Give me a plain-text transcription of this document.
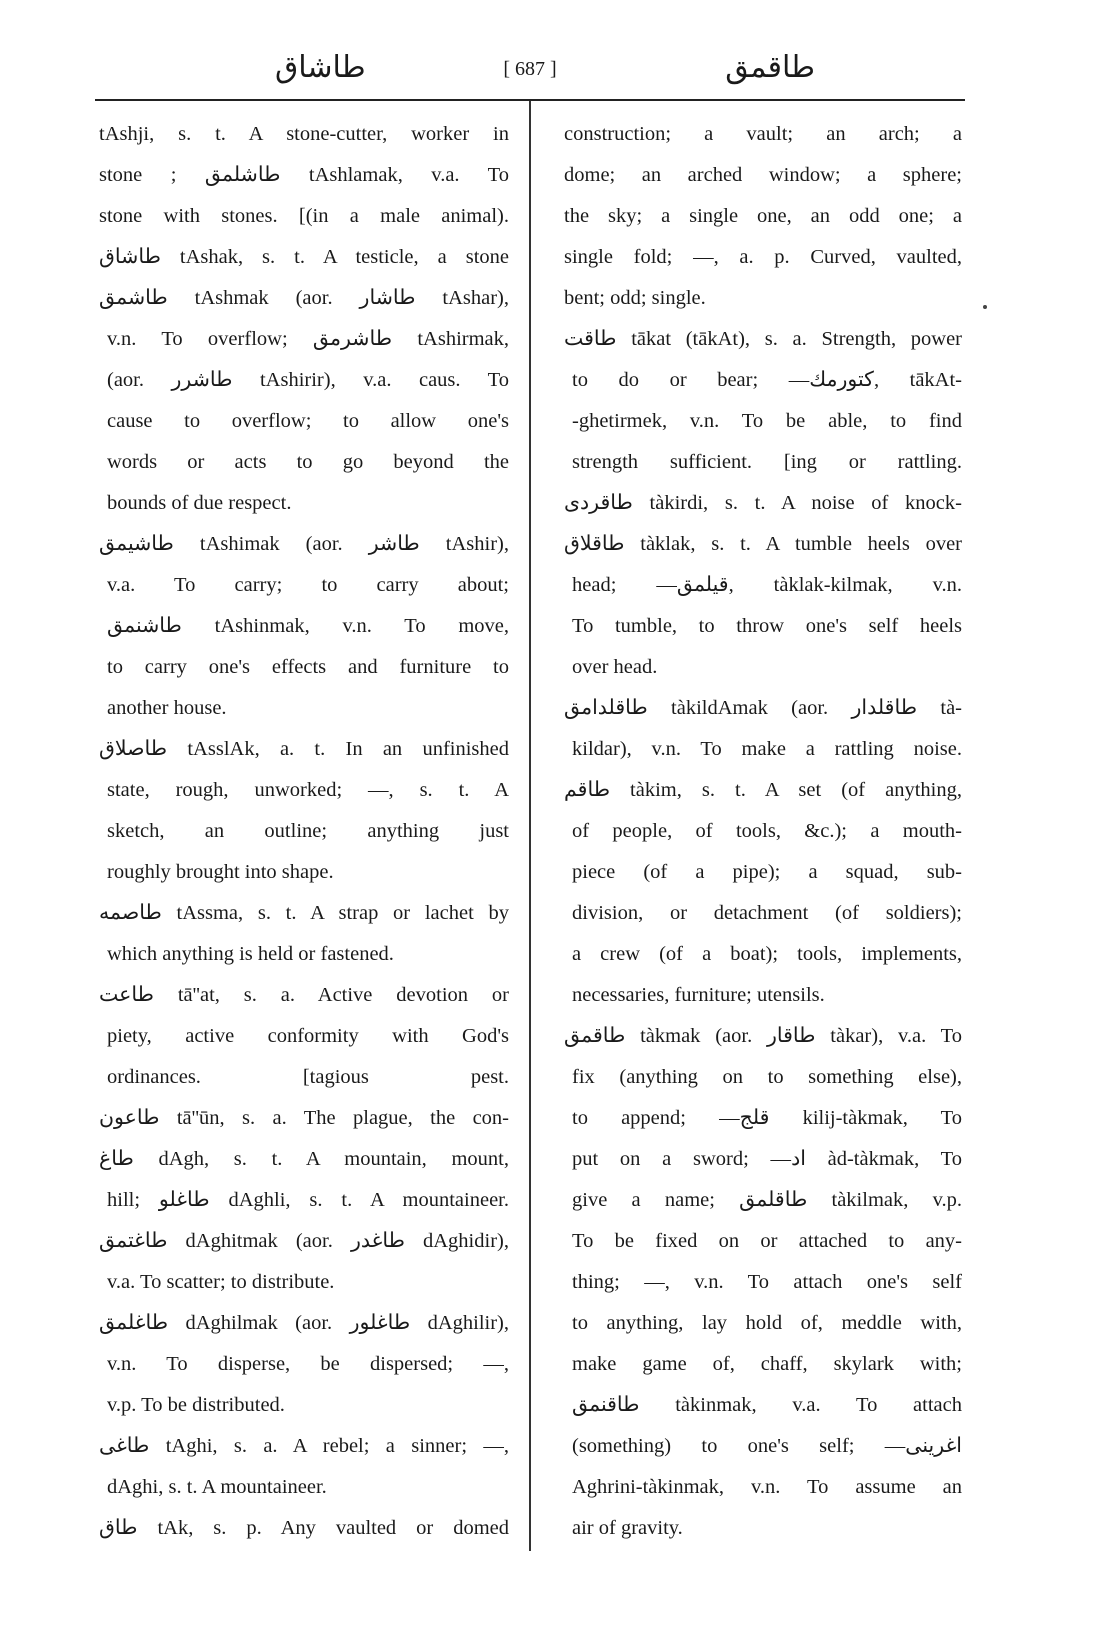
طاشاق	[ 687 ]	طاقمق
tAshji, s. t. A stone-cutter, worker in
stone ; طاشلمق tAshlamak, v.a. To
stone with stones. [(in a male animal).
طاشاق tAshak, s. t. A testicle, a stone
طاشمق tAshmak (aor. طاشار tAshar),
v.n. To overflow; طاشرمق tAshirmak,
(aor. طاشرر tAshirir), v.a. caus. To
cause to overflow; to allow one's
words or acts to go beyond the
bounds of due respect.
طاشيمق tAshimak (aor. طاشر tAshir),
v.a. To carry; to carry about;
طاشنمق tAshinmak, v.n. To move,
to carry one's effects and furniture to
another house.
طاصلاق tAsslAk, a. t. In an unfinished
state, rough, unworked; —, s. t. A
sketch, an outline; anything just
roughly brought into shape.
طاصمه tAssma, s. t. A strap or lachet by
which anything is held or fastened.
طاعت tā''at, s. a. Active devotion or
piety, active conformity with God's
ordinances. [tagious pest.
طاعون tā''ūn, s. a. The plague, the con-
طاغ dAgh, s. t. A mountain, mount,
hill; طاغلو dAghli, s. t. A mountaineer.
طاغتمق dAghitmak (aor. طاغدر dAghidir),
v.a. To scatter; to distribute.
طاغلمق dAghilmak (aor. طاغلور dAghilir),
v.n. To disperse, be dispersed; —,
v.p. To be distributed.
طاغى tAghi, s. a. A rebel; a sinner; —,
dAghi, s. t. A mountaineer.
طاق tAk, s. p. Any vaulted or domed
construction; a vault; an arch; a
dome; an arched window; a sphere;
the sky; a single one, an odd one; a
single fold; —, a. p. Curved, vaulted,
bent; odd; single.
طاقت tākat (tākAt), s. a. Strength, power
to do or bear; —كتورمك, tākAt-
-ghetirmek, v.n. To be able, to find
strength sufficient. [ing or rattling.
طاقردى tàkirdi, s. t. A noise of knock-
طاقلاق tàklak, s. t. A tumble heels over
head; —قيلمق, tàklak-kilmak, v.n.
To tumble, to throw one's self heels
over head.
طاقلدامق tàkildAmak (aor. طاقلدار tà-
kildar), v.n. To make a rattling noise.
طاقم tàkim, s. t. A set (of anything,
of people, of tools, &c.); a mouth-
piece (of a pipe); a squad, sub-
division, or detachment (of soldiers);
a crew (of a boat); tools, implements,
necessaries, furniture; utensils.
طاقمق tàkmak (aor. طاقار tàkar), v.a. To
fix (anything on to something else),
to append; —قلج kilij-tàkmak, To
put on a sword; —اد àd-tàkmak, To
give a name; طاقلمق tàkilmak, v.p.
To be fixed on or attached to any-
thing; —, v.n. To attach one's self
to anything, lay hold of, meddle with,
make game of, chaff, skylark with;
طاقنمق tàkinmak, v.a. To attach
(something) to one's self; —اغرينى
Aghrini-tàkinmak, v.n. To assume an
air of gravity.
